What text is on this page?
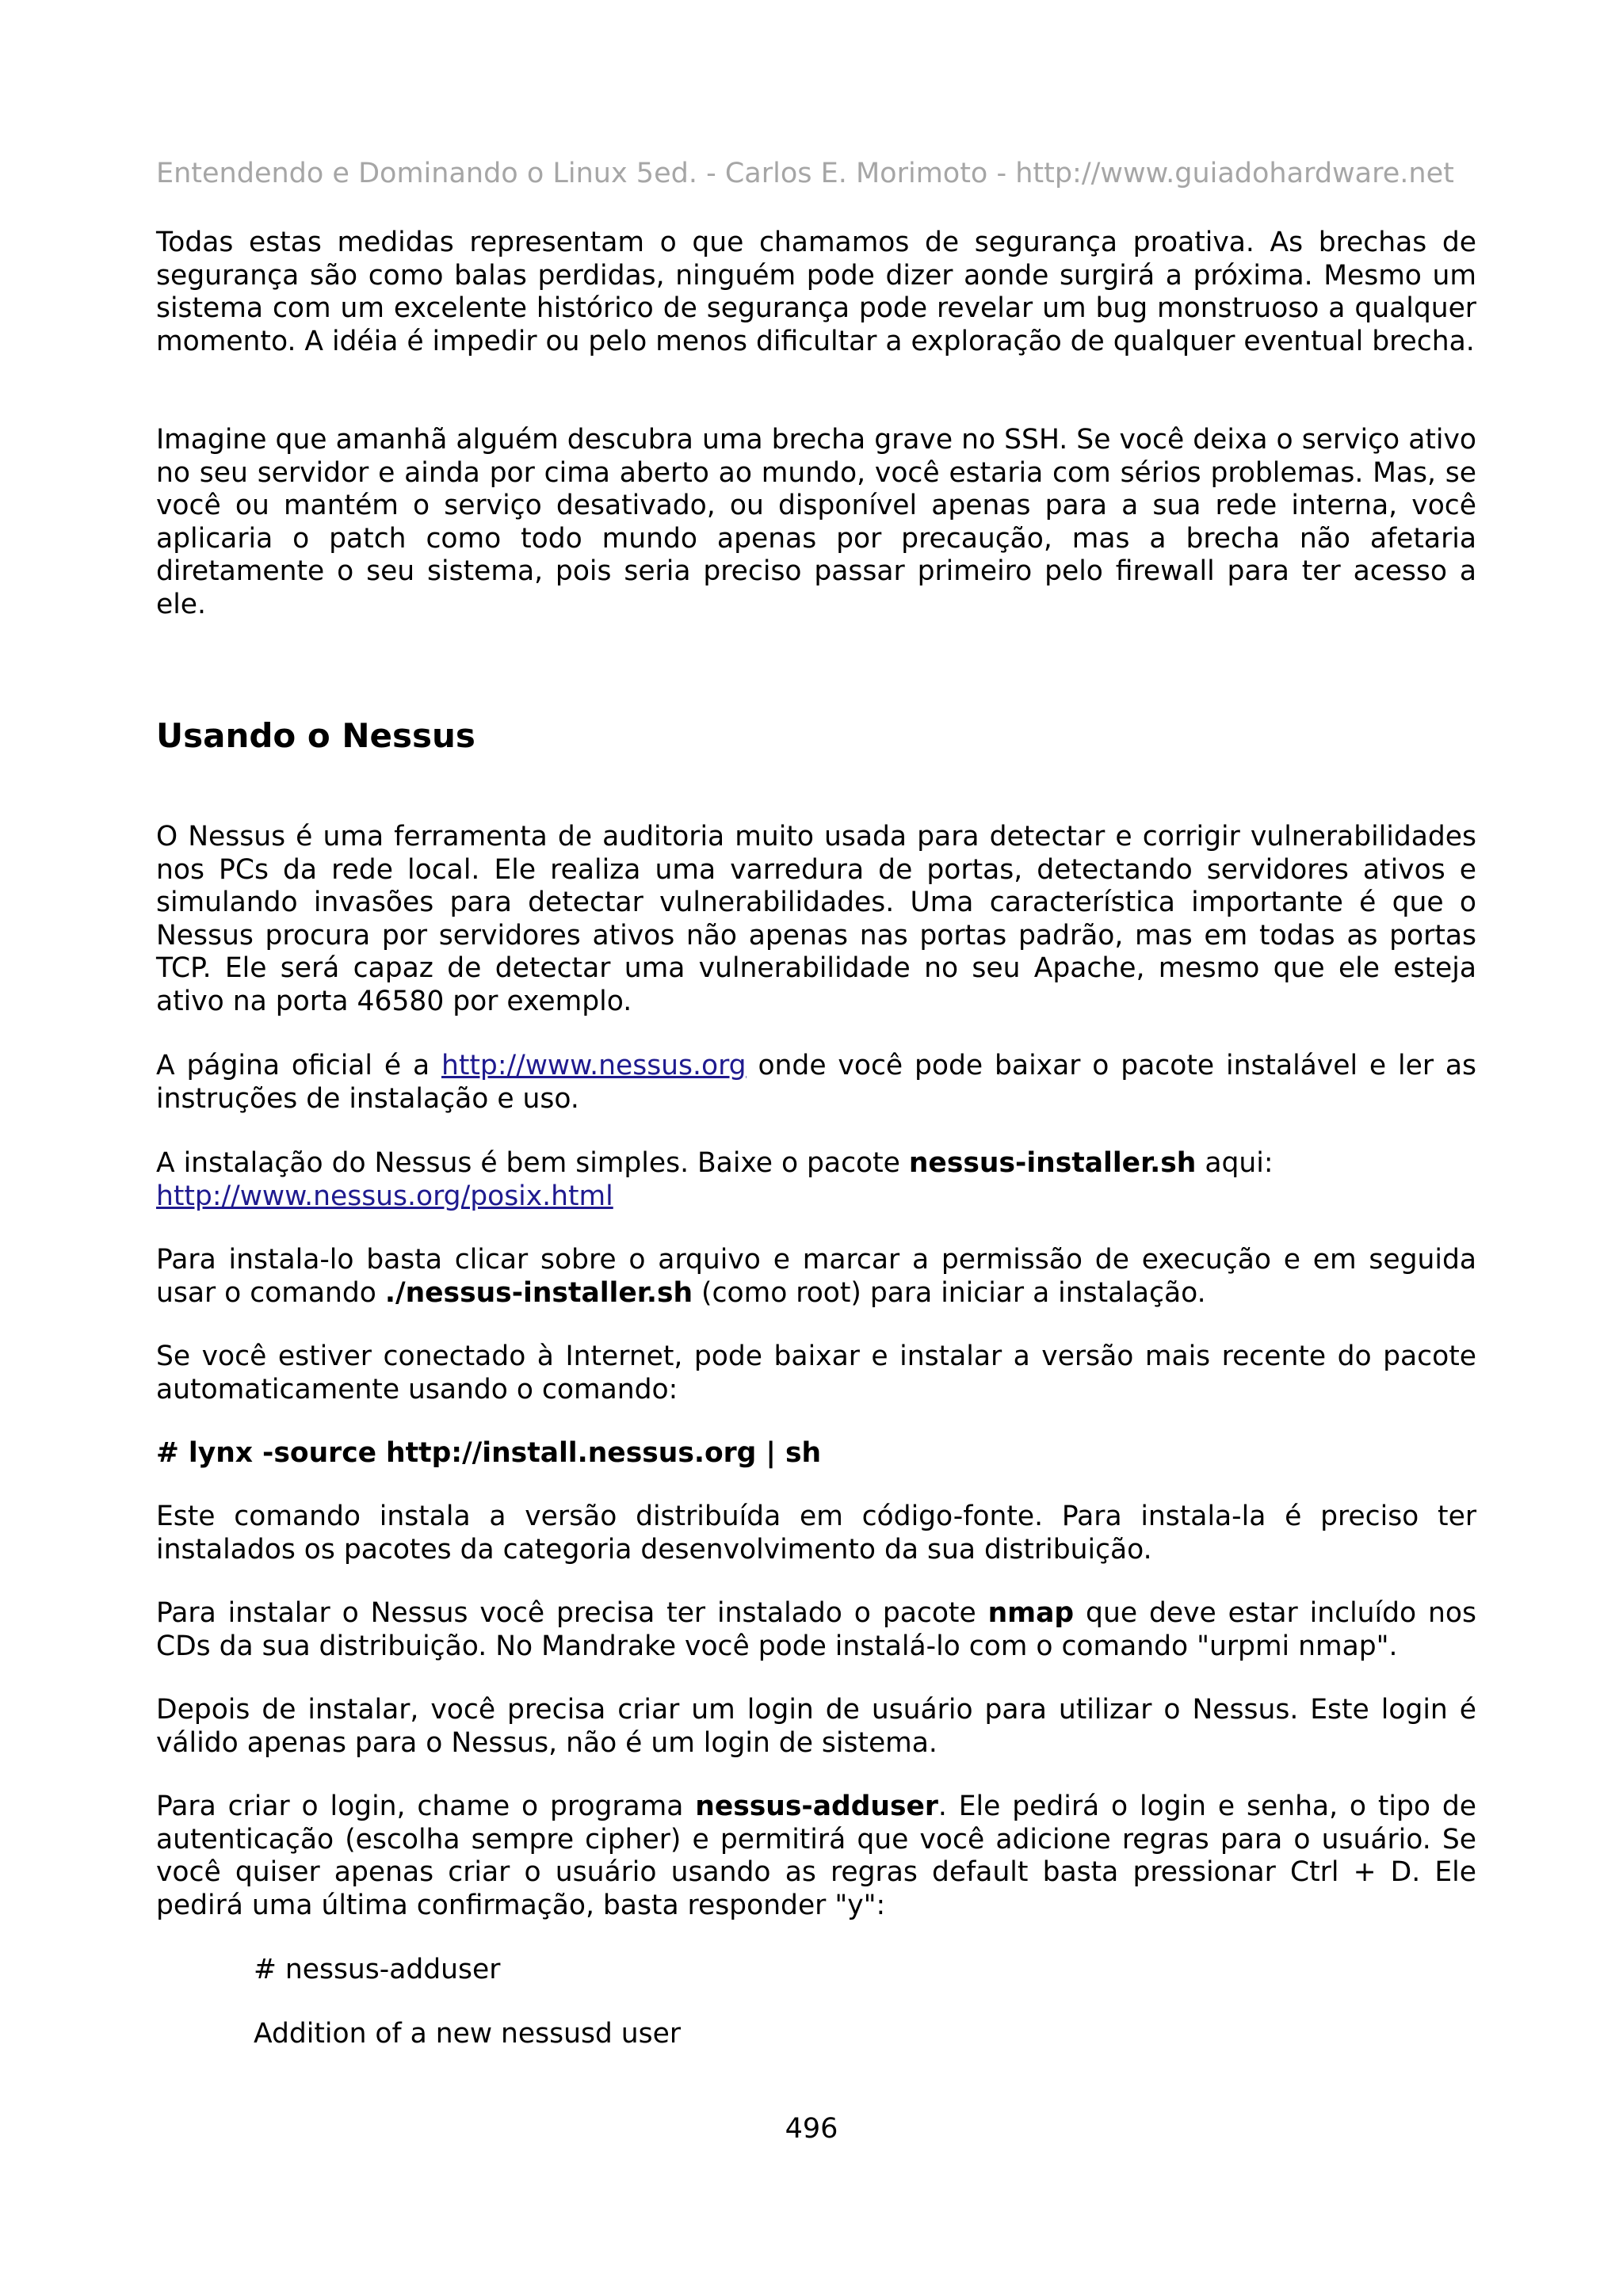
Entendendo e Dominando o Linux 5ed. - Carlos E. Morimoto - http://www.guiadohardware.net

Todas estas medidas representam o que chamamos de segurança proativa. As brechas de segurança são como balas perdidas, ninguém pode dizer aonde surgirá a próxima. Mesmo um sistema com um excelente histórico de segurança pode revelar um bug monstruoso a qualquer momento. A idéia é impedir ou pelo menos dificultar a exploração de qualquer eventual brecha.

Imagine que amanhã alguém descubra uma brecha grave no SSH. Se você deixa o serviço ativo no seu servidor e ainda por cima aberto ao mundo, você estaria com sérios problemas. Mas, se você ou mantém o serviço desativado, ou disponível apenas para a sua rede interna, você aplicaria o patch como todo mundo apenas por precaução, mas a brecha não afetaria diretamente o seu sistema, pois seria preciso passar primeiro pelo firewall para ter acesso a ele.

Usando o Nessus

O Nessus é uma ferramenta de auditoria muito usada para detectar e corrigir vulnerabilidades nos PCs da rede local. Ele realiza uma varredura de portas, detectando servidores ativos e simulando invasões para detectar vulnerabilidades. Uma característica importante é que o Nessus procura por servidores ativos não apenas nas portas padrão, mas em todas as portas TCP. Ele será capaz de detectar uma vulnerabilidade no seu Apache, mesmo que ele esteja ativo na porta 46580 por exemplo.

A página oficial é a http://www.nessus.org onde você pode baixar o pacote instalável e ler as instruções de instalação e uso.

A instalação do Nessus é bem simples. Baixe o pacote nessus-installer.sh aqui:
http://www.nessus.org/posix.html

Para instala-lo basta clicar sobre o arquivo e marcar a permissão de execução e em seguida usar o comando ./nessus-installer.sh (como root) para iniciar a instalação.

Se você estiver conectado à Internet, pode baixar e instalar a versão mais recente do pacote automaticamente usando o comando:

# lynx -source http://install.nessus.org | sh

Este comando instala a versão distribuída em código-fonte. Para instala-la é preciso ter instalados os pacotes da categoria desenvolvimento da sua distribuição.

Para instalar o Nessus você precisa ter instalado o pacote nmap que deve estar incluído nos CDs da sua distribuição. No Mandrake você pode instalá-lo com o comando "urpmi nmap".

Depois de instalar, você precisa criar um login de usuário para utilizar o Nessus. Este login é válido apenas para o Nessus, não é um login de sistema.

Para criar o login, chame o programa nessus-adduser. Ele pedirá o login e senha, o tipo de autenticação (escolha sempre cipher) e permitirá que você adicione regras para o usuário. Se você quiser apenas criar o usuário usando as regras default basta pressionar Ctrl + D. Ele pedirá uma última confirmação, basta responder "y":

# nessus-adduser

Addition of a new nessusd user

496
